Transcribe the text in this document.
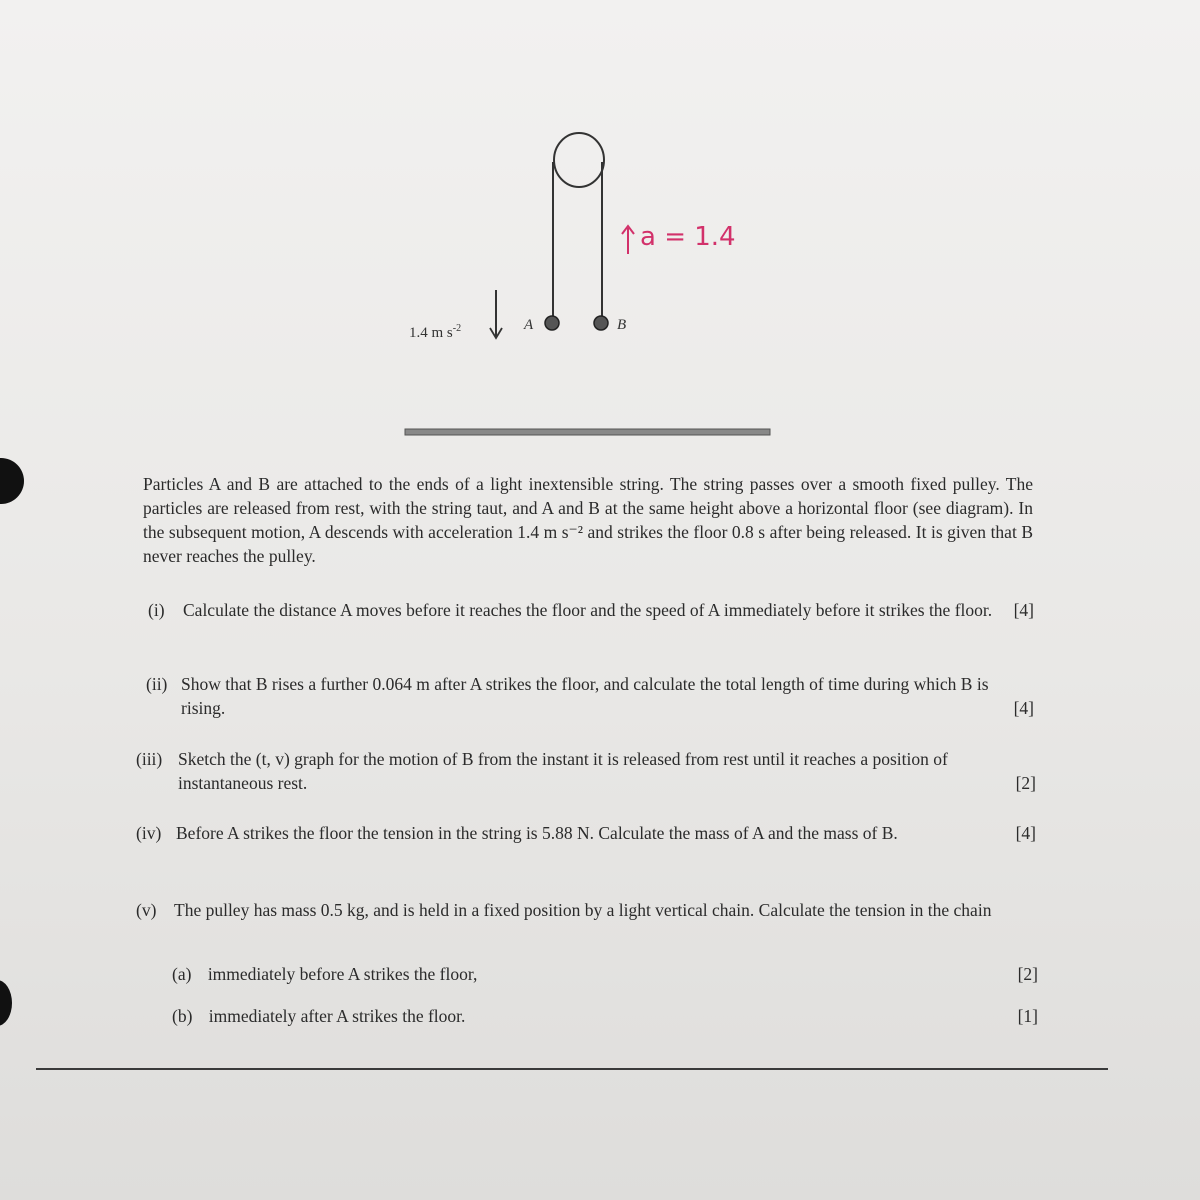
1.4 m $s^{-2}$	A	B
a = 1.4

Particles A and B are attached to the ends of a light inextensible string. The string passes over a smooth fixed pulley. The particles are released from rest, with the string taut, and A and B at the same height above a horizontal floor (see diagram). In the subsequent motion, A descends with acceleration 1.4 m s⁻² and strikes the floor 0.8 s after being released. It is given that B never reaches the pulley.

(i)	Calculate the distance A moves before it reaches the floor and the speed of A immediately before it strikes the floor.	[4]
(ii) Show that B rises a further 0.064 m after A strikes the floor, and calculate the total length of time during which B is rising.	[4]
(iii) Sketch the (t, v) graph for the motion of B from the instant it is released from rest until it reaches a position of instantaneous rest.	[2]
(iv) Before A strikes the floor the tension in the string is 5.88 N. Calculate the mass of A and the mass of B.	[4]
(v)	The pulley has mass 0.5 kg, and is held in a fixed position by a light vertical chain. Calculate the tension in the chain

(a) immediately before A strikes the floor,	[2]
(b) immediately after A strikes the floor.	[1]
